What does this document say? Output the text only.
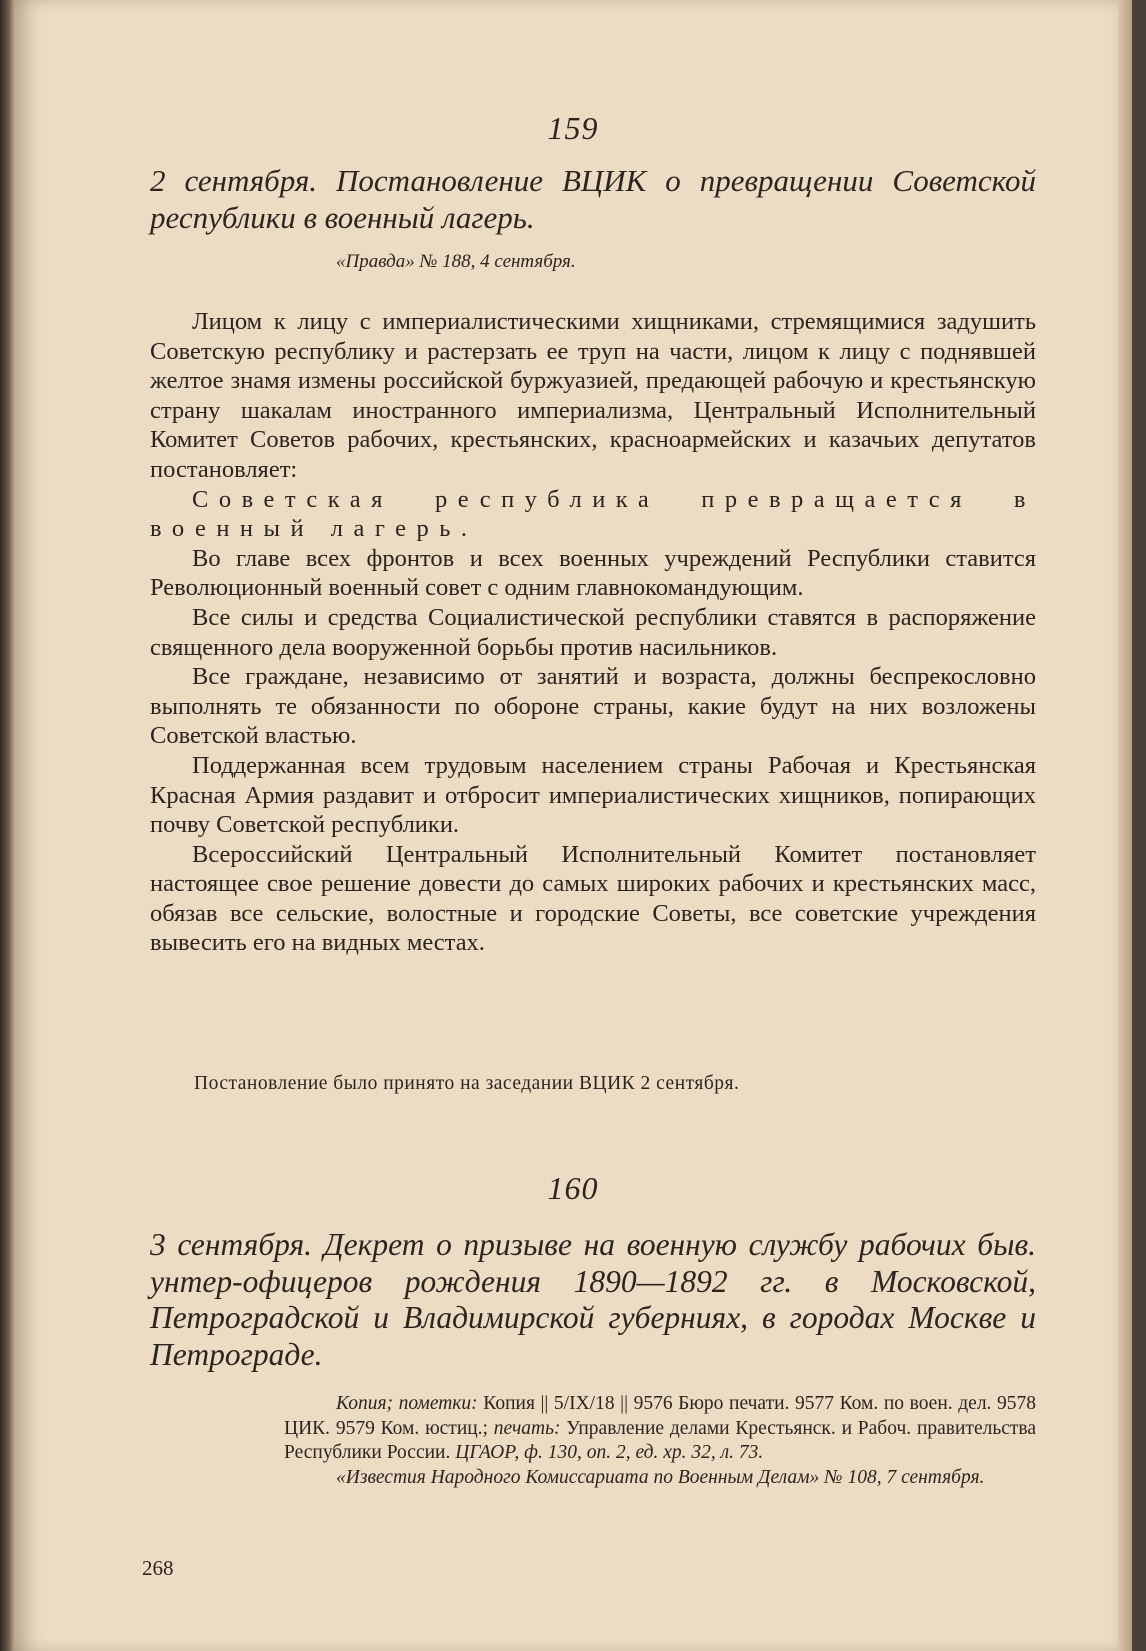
159
2 сентября. Постановление ВЦИК о превращении Советской республики в военный лагерь.
«Правда» № 188, 4 сентября.

Лицом к лицу с империалистическими хищниками, стремящимися задушить Советскую республику и растерзать ее труп на части, лицом к лицу с поднявшей желтое знамя измены российской буржуазией, предающей рабочую и крестьянскую страну шакалам иностранного империализма, Центральный Исполнительный Комитет Советов рабочих, крестьянских, красноармейских и казачьих депутатов постановляет:

Советская республика превращается в военный лагерь.

Во главе всех фронтов и всех военных учреждений Республики ставится Революционный военный совет с одним главнокомандующим.

Все силы и средства Социалистической республики ставятся в распоряжение священного дела вооруженной борьбы против насильников.

Все граждане, независимо от занятий и возраста, должны беспрекословно выполнять те обязанности по обороне страны, какие будут на них возложены Советской властью.

Поддержанная всем трудовым населением страны Рабочая и Крестьянская Красная Армия раздавит и отбросит империалистических хищников, попирающих почву Советской республики.

Всероссийский Центральный Исполнительный Комитет постановляет настоящее свое решение довести до самых широких рабочих и крестьянских масс, обязав все сельские, волостные и городские Советы, все советские учреждения вывесить его на видных местах.

Постановление было принято на заседании ВЦИК 2 сентября.
160
3 сентября. Декрет о призыве на военную службу рабочих быв. унтер-офицеров рождения 1890—1892 гг. в Московской, Петроградской и Владимирской губерниях, в городах Москве и Петрограде.

Копия; пометки: Копия || 5/IX/18 || 9576 Бюро печати. 9577 Ком. по воен. дел. 9578 ЦИК. 9579 Ком. юстиц.; печать: Управление делами Крестьянск. и Рабоч. правительства Республики России. ЦГАОР, ф. 130, оп. 2, ед. хр. 32, л. 73.

«Известия Народного Комиссариата по Военным Делам» № 108, 7 сентября.

268
